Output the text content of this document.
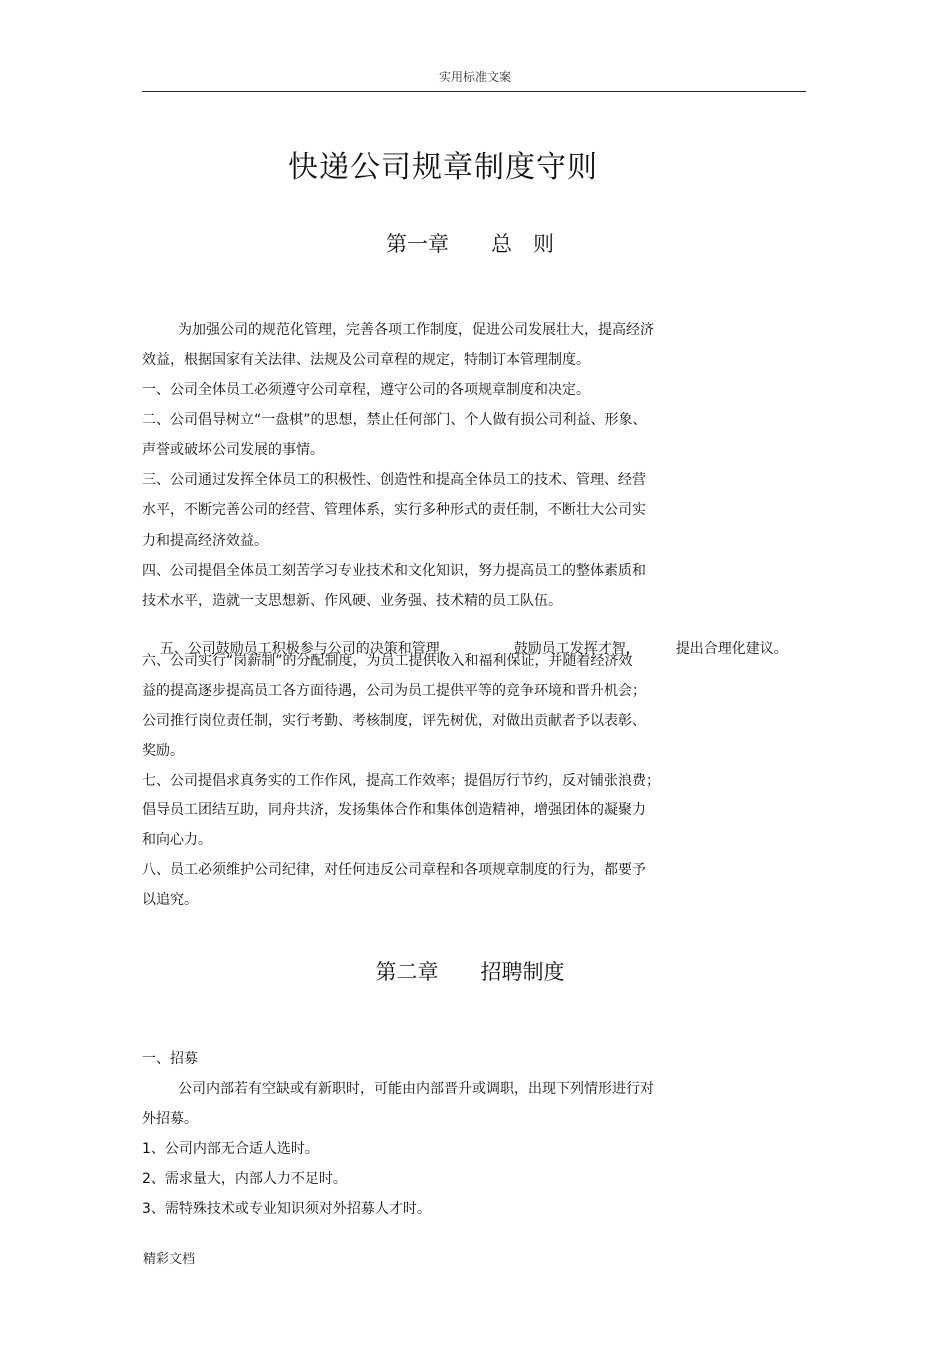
实用标准文案
快递公司规章制度守则
第一章　　总　则
为加强公司的规范化管理，完善各项工作制度，促进公司发展壮大，提高经济
效益，根据国家有关法律、法规及公司章程的规定，特制订本管理制度。
一、公司全体员工必须遵守公司章程，遵守公司的各项规章制度和决定。
二、公司倡导树立“一盘棋”的思想，禁止任何部门、个人做有损公司利益、形象、
声誉或破坏公司发展的事情。
三、公司通过发挥全体员工的积极性、创造性和提高全体员工的技术、管理、经营
水平，不断完善公司的经营、管理体系，实行多种形式的责任制，不断壮大公司实
力和提高经济效益。
四、公司提倡全体员工刻苦学习专业技术和文化知识，努力提高员工的整体素质和
技术水平，造就一支思想新、作风硬、业务强、技术精的员工队伍。

五、公司鼓励员工积极参与公司的决策和管理，	鼓励员工发挥才智，	提出合理化建议。

六、公司实行“岗薪制”的分配制度，为员工提供收入和福利保证，并随着经济效
益的提高逐步提高员工各方面待遇，公司为员工提供平等的竞争环境和晋升机会；
公司推行岗位责任制，实行考勤、考核制度，评先树优，对做出贡献者予以表彰、
奖励。
七、公司提倡求真务实的工作作风，提高工作效率；提倡厉行节约，反对铺张浪费；
倡导员工团结互助，同舟共济，发扬集体合作和集体创造精神，增强团体的凝聚力
和向心力。
八、员工必须维护公司纪律，对任何违反公司章程和各项规章制度的行为，都要予
以追究。
第二章　　招聘制度
一、招募
公司内部若有空缺或有新职时，可能由内部晋升或调职，出现下列情形进行对
外招募。
1、公司内部无合适人选时。
2、需求量大，内部人力不足时。
3、需特殊技术或专业知识须对外招募人才时。
精彩文档
